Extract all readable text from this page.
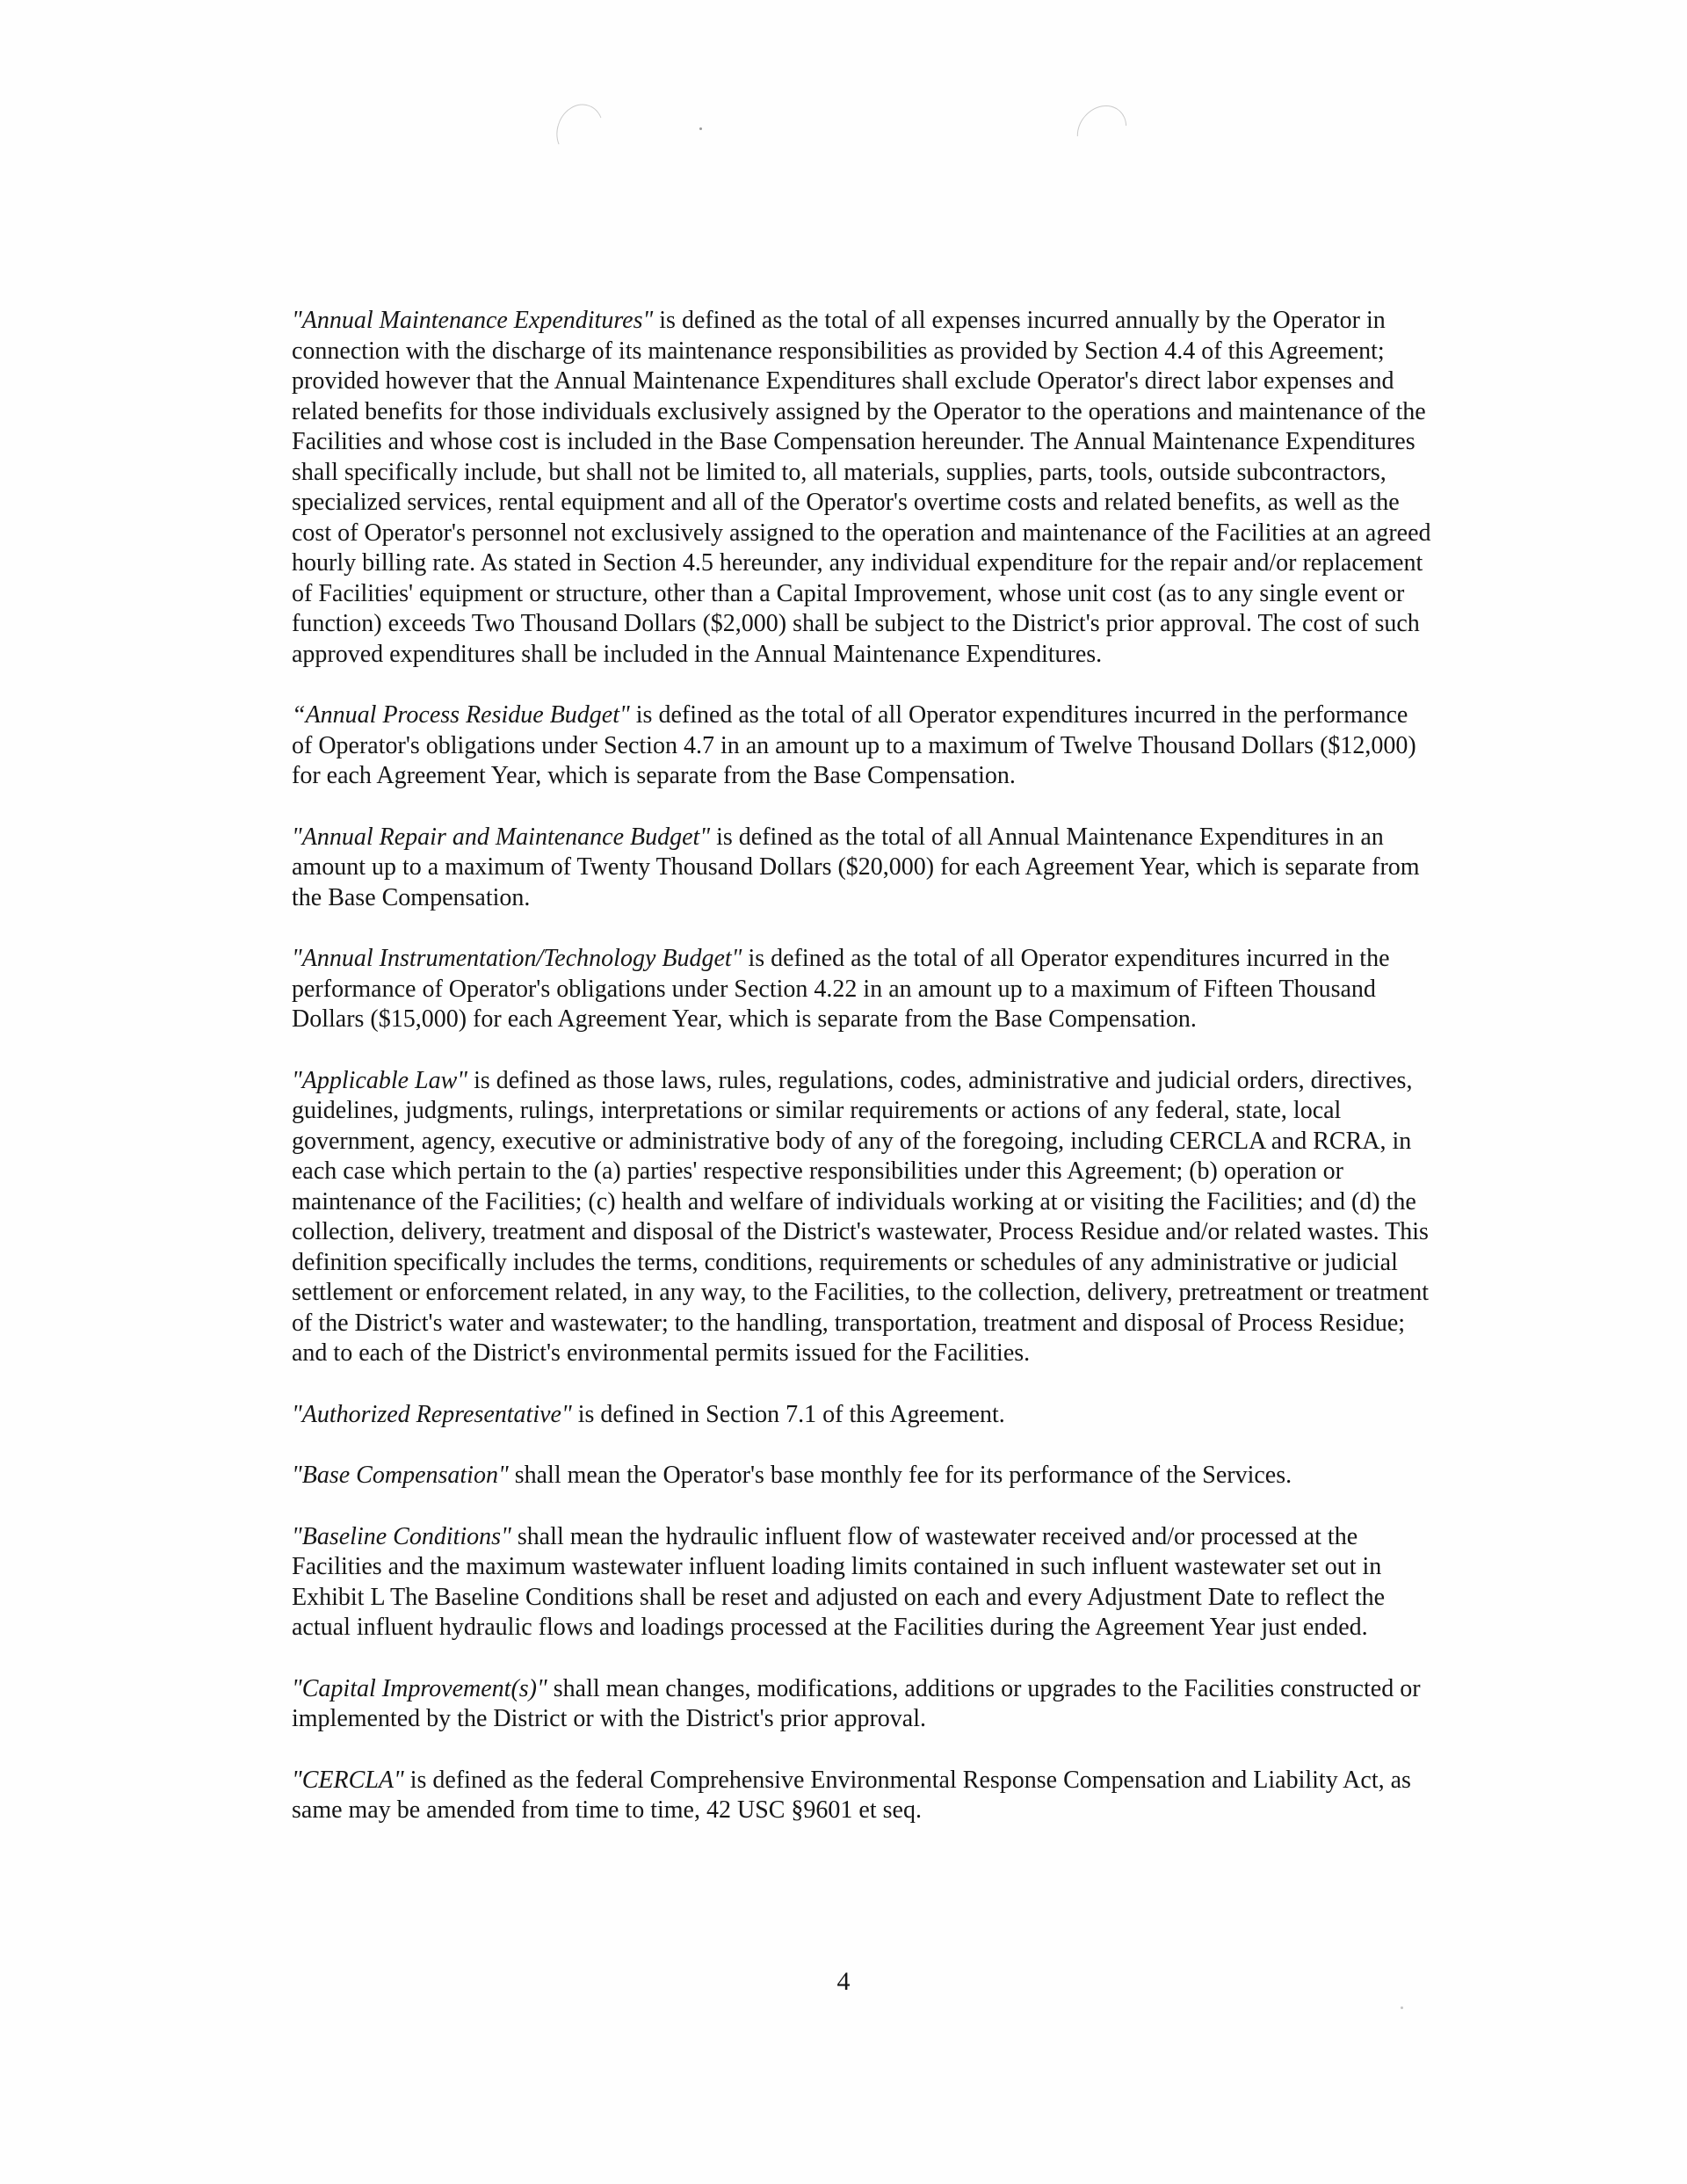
"Annual Maintenance Expenditures" is defined as the total of all expenses incurred annually by the Operator in connection with the discharge of its maintenance responsibilities as provided by Section 4.4 of this Agreement; provided however that the Annual Maintenance Expenditures shall exclude Operator's direct labor expenses and related benefits for those individuals exclusively assigned by the Operator to the operations and maintenance of the Facilities and whose cost is included in the Base Compensation hereunder. The Annual Maintenance Expenditures shall specifically include, but shall not be limited to, all materials, supplies, parts, tools, outside subcontractors, specialized services, rental equipment and all of the Operator's overtime costs and related benefits, as well as the cost of Operator's personnel not exclusively assigned to the operation and maintenance of the Facilities at an agreed hourly billing rate. As stated in Section 4.5 hereunder, any individual expenditure for the repair and/or replacement of Facilities' equipment or structure, other than a Capital Improvement, whose unit cost (as to any single event or function) exceeds Two Thousand Dollars ($2,000) shall be subject to the District's prior approval. The cost of such approved expenditures shall be included in the Annual Maintenance Expenditures.

“Annual Process Residue Budget" is defined as the total of all Operator expenditures incurred in the performance of Operator's obligations under Section 4.7 in an amount up to a maximum of Twelve Thousand Dollars ($12,000) for each Agreement Year, which is separate from the Base Compensation.

"Annual Repair and Maintenance Budget" is defined as the total of all Annual Maintenance Expenditures in an amount up to a maximum of Twenty Thousand Dollars ($20,000) for each Agreement Year, which is separate from the Base Compensation.

"Annual Instrumentation/Technology Budget" is defined as the total of all Operator expenditures incurred in the performance of Operator's obligations under Section 4.22 in an amount up to a maximum of Fifteen Thousand Dollars ($15,000) for each Agreement Year, which is separate from the Base Compensation.

"Applicable Law" is defined as those laws, rules, regulations, codes, administrative and judicial orders, directives, guidelines, judgments, rulings, interpretations or similar requirements or actions of any federal, state, local government, agency, executive or administrative body of any of the foregoing, including CERCLA and RCRA, in each case which pertain to the (a) parties' respective responsibilities under this Agreement; (b) operation or maintenance of the Facilities; (c) health and welfare of individuals working at or visiting the Facilities; and (d) the collection, delivery, treatment and disposal of the District's wastewater, Process Residue and/or related wastes. This definition specifically includes the terms, conditions, requirements or schedules of any administrative or judicial settlement or enforcement related, in any way, to the Facilities, to the collection, delivery, pretreatment or treatment of the District's water and wastewater; to the handling, transportation, treatment and disposal of Process Residue; and to each of the District's environmental permits issued for the Facilities.

"Authorized Representative" is defined in Section 7.1 of this Agreement.

"Base Compensation" shall mean the Operator's base monthly fee for its performance of the Services.

"Baseline Conditions" shall mean the hydraulic influent flow of wastewater received and/or processed at the Facilities and the maximum wastewater influent loading limits contained in such influent wastewater set out in Exhibit L The Baseline Conditions shall be reset and adjusted on each and every Adjustment Date to reflect the actual influent hydraulic flows and loadings processed at the Facilities during the Agreement Year just ended.

"Capital Improvement(s)" shall mean changes, modifications, additions or upgrades to the Facilities constructed or implemented by the District or with the District's prior approval.

"CERCLA" is defined as the federal Comprehensive Environmental Response Compensation and Liability Act, as same may be amended from time to time, 42 USC §9601 et seq.

4
